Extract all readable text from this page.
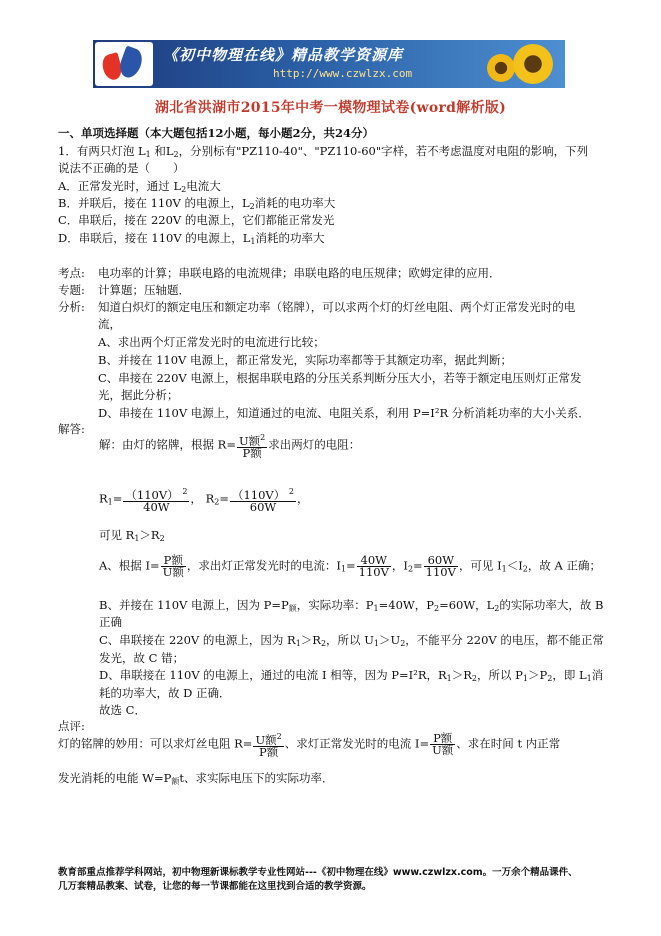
《初中物理在线》精品教学资源库
http://www.czwlzx.com
湖北省洪湖市2015年中考一模物理试卷(word解析版)
一、单项选择题（本大题包括12小题，每小题2分，共24分）
1．有两只灯泡 $L_1$ 和$L_2$，分别标有"PZ110‑40"、"PZ110‑60"字样，若不考虑温度对电阻的影响，下列
说法不正确的是（　　）
A．正常发光时，通过 $L_2$电流大
B．并联后，接在 110V 的电源上，$L_2$消耗的电功率大
C．串联后，接在 220V 的电源上，它们都能正常发光
D．串联后，接在 110V 的电源上，$L_1$消耗的功率大
考点: 电功率的计算；串联电路的电流规律；串联电路的电压规律；欧姆定律的应用．
专题: 计算题；压轴题．
分析: 知道白炽灯的额定电压和额定功率（铭牌），可以求两个灯的灯丝电阻、两个灯正常发光时的电
流，
A、求出两个灯正常发光时的电流进行比较；
B、并接在 110V 电源上，都正常发光，实际功率都等于其额定功率，据此判断；
C、串接在 220V 电源上，根据串联电路的分压关系判断分压大小，若等于额定电压则灯正常发
光，据此分析；
D、串接在 110V 电源上，知道通过的电流、电阻关系，利用 P=I²R 分析消耗功率的大小关系．
解答:
解：由灯的铭牌，根据 $R= \frac{U额^2}{\text{P额}}$ 求出两灯的电阻：
$R_1= \frac{(110V) ^2}{40W}$ ， $R_2= \frac{(110V) ^2}{60W}$ ，
可见 $R_1>R_2$
A、根据 $I= \frac{\text{P额}}{\text{U额}}$ ，求出灯正常发光时的电流：$I_1= \frac{40W}{110V}$ ，$I_2= \frac{60W}{110V}$ ，可见 $I_1<I_2$，故 A 正确；
B、并接在 110V 电源上，因为 $P=P_额$，实际功率：$P_1=40W$，$P_2=60W$，$L_2$的实际功率大，故 B
正确
C、串联接在 220V 的电源上，因为 $R_1>R_2$，所以 $U_1>U_2$，不能平分 220V 的电压，都不能正常
发光，故 C 错；
D、串联接在 110V 的电源上，通过的电流 I 相等，因为 P=I²R，$R_1>R_2$，所以 $P_1>P_2$，即 $L_1$消
耗的功率大，故 D 正确．
故选 C．
点评:
灯的铭牌的妙用：可以求灯丝电阻 $R= \frac{U额^2}{\text{P额}}$ 、求灯正常发光时的电流 $I= \frac{\text{P额}}{\text{U额}}$ 、求在时间 t 内正常
发光消耗的电能 $W=P_额t$、求实际电压下的实际功率．
教育部重点推荐学科网站，初中物理新课标教学专业性网站---《初中物理在线》www.czwlzx.com。一万余个精品课件、
几万套精品教案、试卷，让您的每一节课都能在这里找到合适的教学资源。
